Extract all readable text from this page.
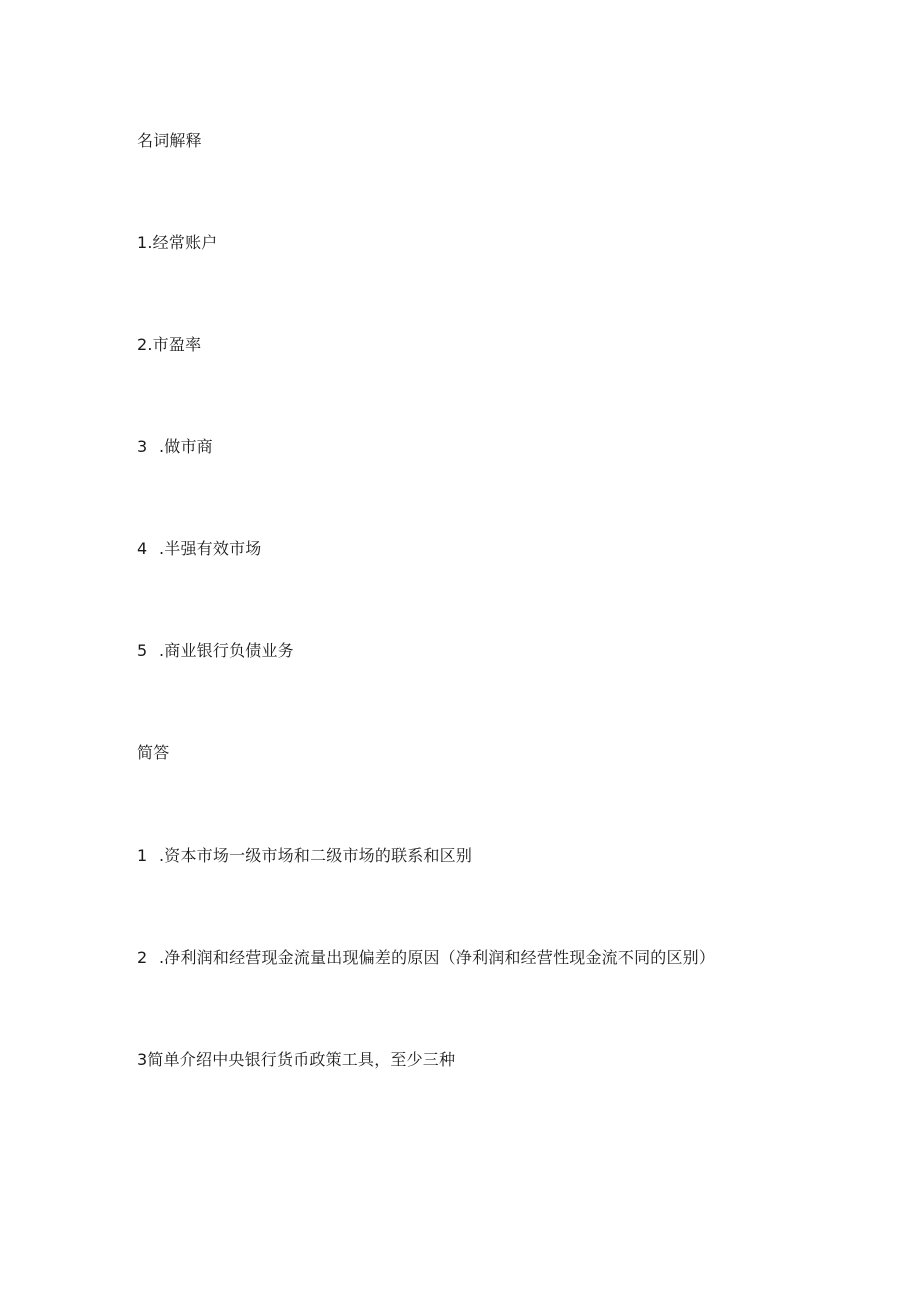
名词解释
1.经常账户
2.市盈率
3 .做市商
4 .半强有效市场
5 .商业银行负债业务
简答
1 .资本市场一级市场和二级市场的联系和区别
2 .净利润和经营现金流量出现偏差的原因（净利润和经营性现金流不同的区别）
3简单介绍中央银行货币政策工具，至少三种
